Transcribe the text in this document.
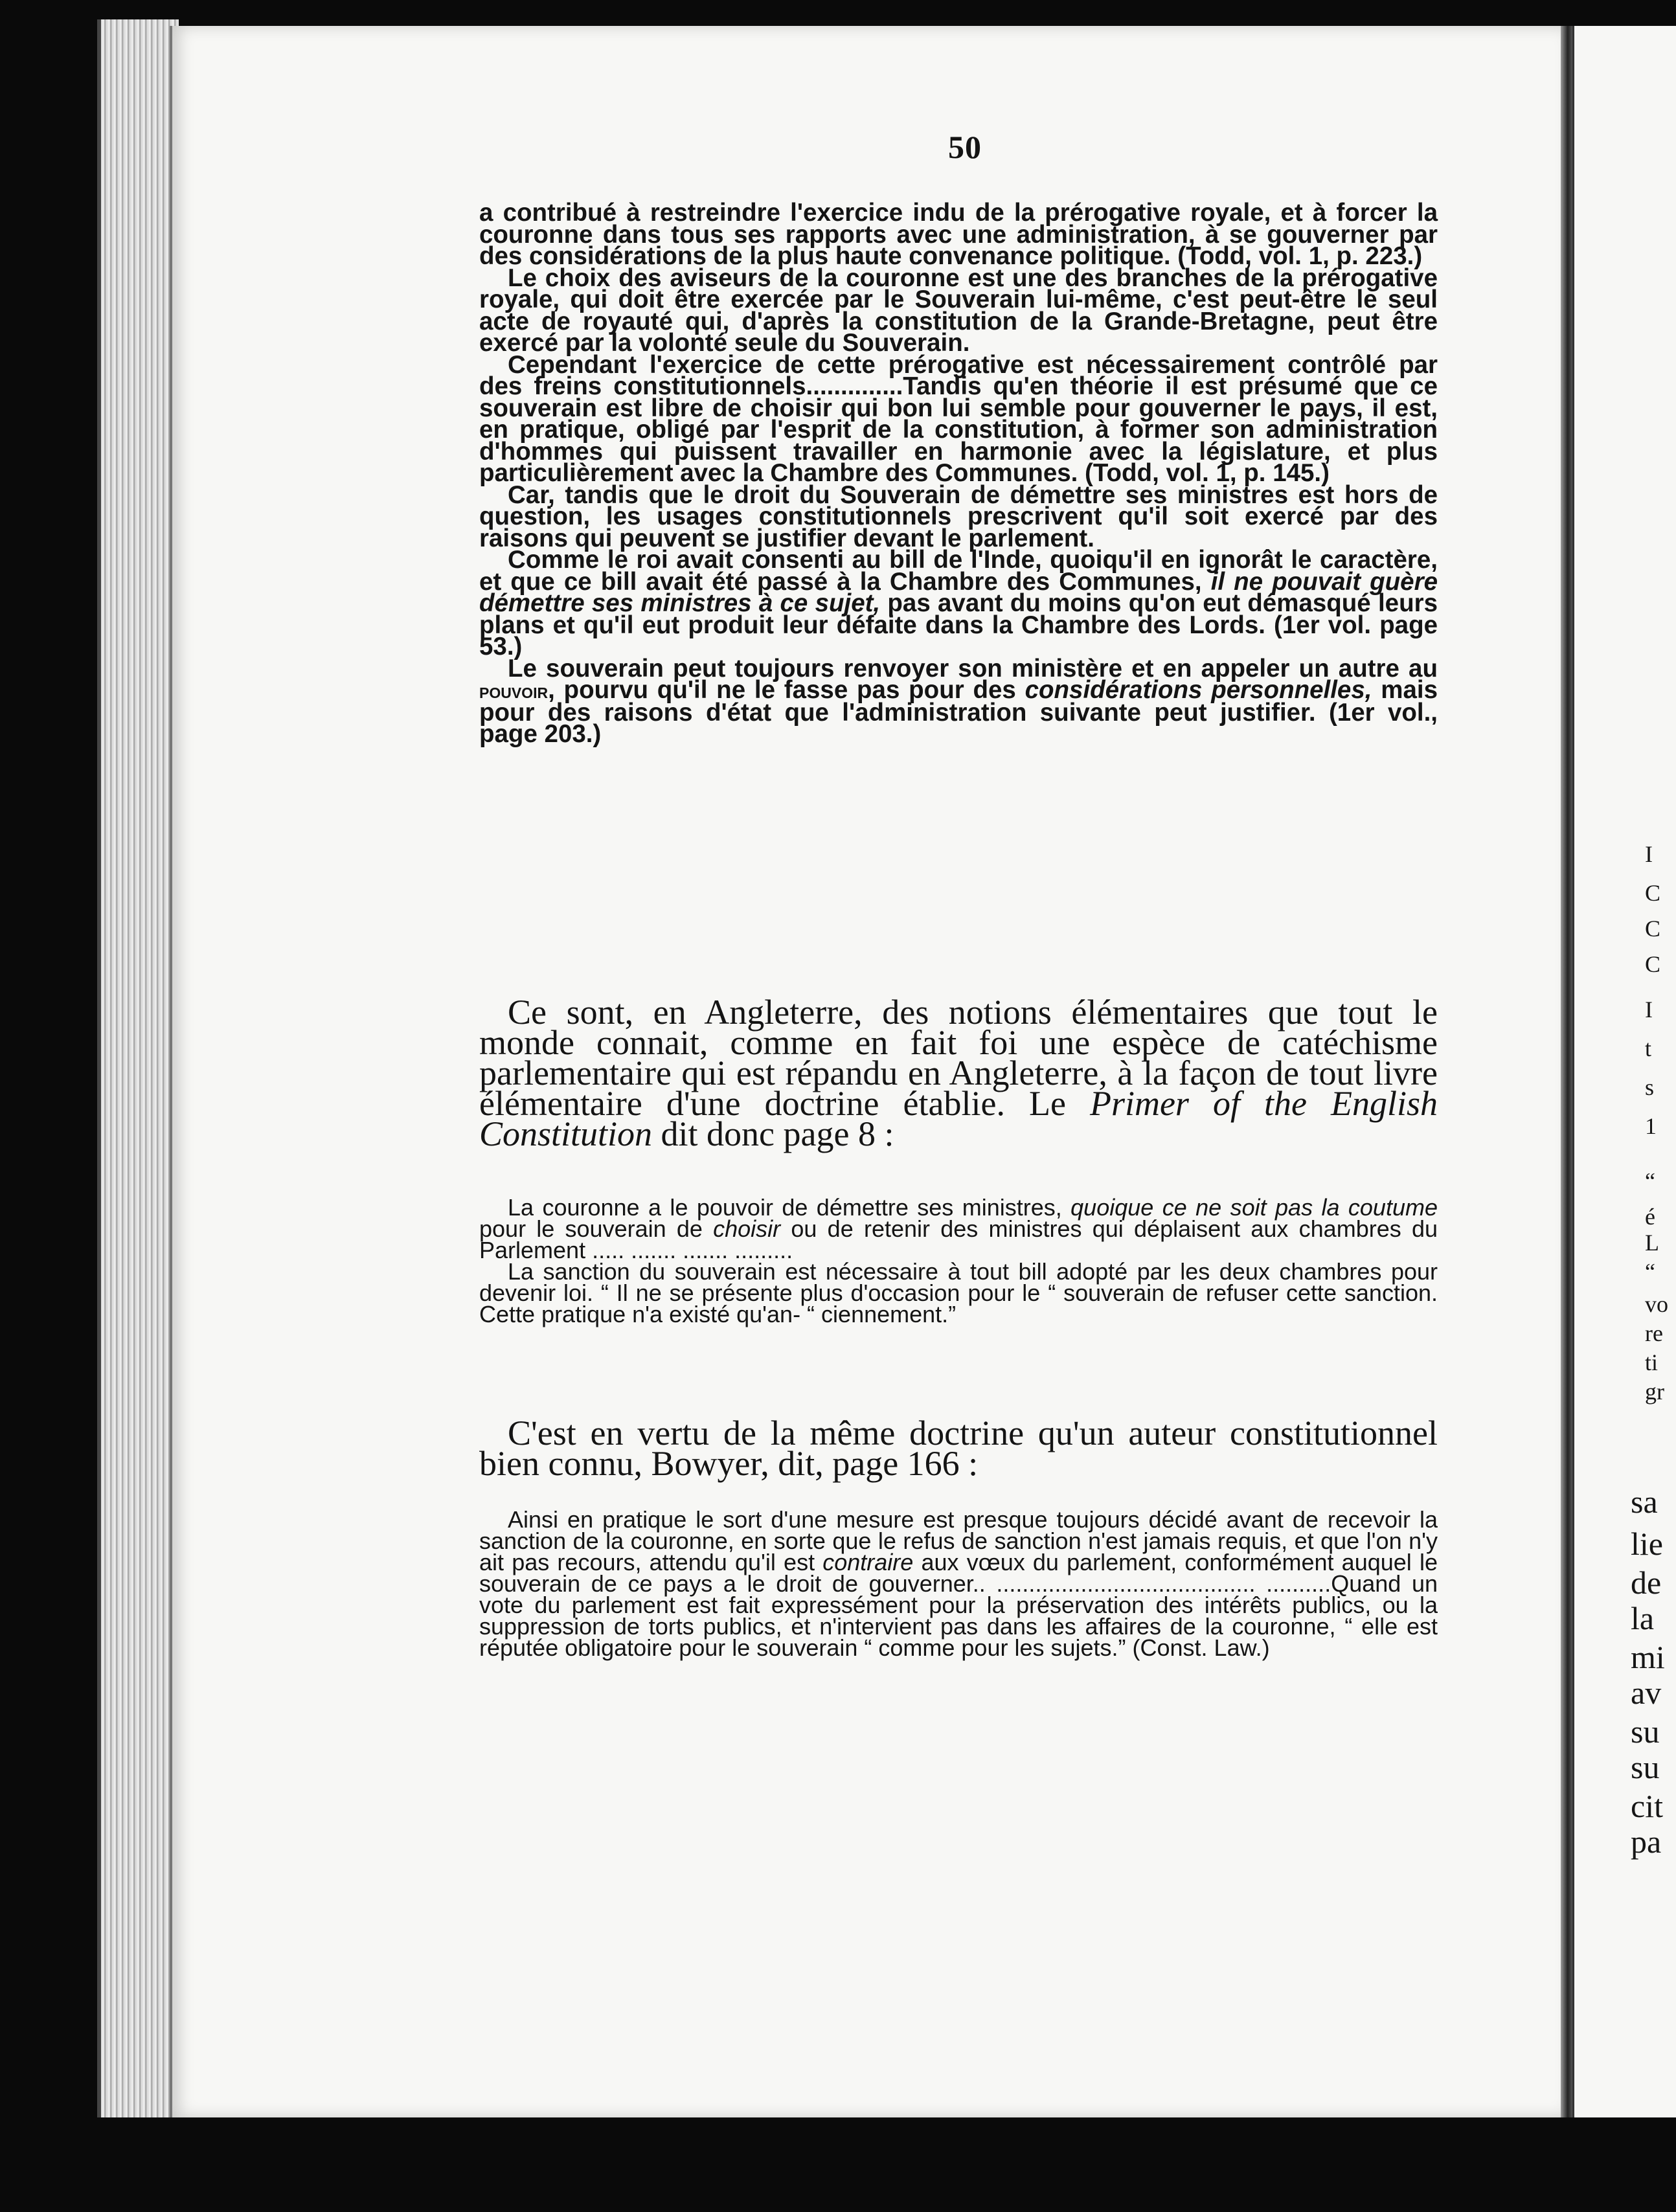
50

a contribué à restreindre l'exercice indu de la prérogative royale, et à forcer la couronne dans tous ses rapports avec une administration, à se gouverner par des considérations de la plus haute convenance politique. (Todd, vol. 1, p. 223.)

Le choix des aviseurs de la couronne est une des branches de la prérogative royale, qui doit être exercée par le Souverain lui-même, c'est peut-être le seul acte de royauté qui, d'après la constitution de la Grande-Bretagne, peut être exercé par la volonté seule du Souverain.

Cependant l'exercice de cette prérogative est nécessairement contrôlé par des freins constitutionnels..............Tandis qu'en théorie il est présumé que ce souverain est libre de choisir qui bon lui semble pour gouverner le pays, il est, en pratique, obligé par l'esprit de la constitution, à former son administration d'hommes qui puissent travailler en harmonie avec la législature, et plus particulièrement avec la Chambre des Communes. (Todd, vol. 1, p. 145.)

Car, tandis que le droit du Souverain de démettre ses ministres est hors de question, les usages constitutionnels prescrivent qu'il soit exercé par des raisons qui peuvent se justifier devant le parlement.

Comme le roi avait consenti au bill de l'Inde, quoiqu'il en ignorât le caractère, et que ce bill avait été passé à la Chambre des Communes, il ne pouvait guère démettre ses ministres à ce sujet, pas avant du moins qu'on eut démasqué leurs plans et qu'il eut produit leur défaite dans la Chambre des Lords. (1er vol. page 53.)

Le souverain peut toujours renvoyer son ministère et en appeler un autre au pouvoir, pourvu qu'il ne le fasse pas pour des considérations personnelles, mais pour des raisons d'état que l'administration suivante peut justifier. (1er vol., page 203.)

Ce sont, en Angleterre, des notions élémentaires que tout le monde connait, comme en fait foi une espèce de catéchisme parlementaire qui est répandu en Angleterre, à la façon de tout livre élémentaire d'une doctrine établie. Le Primer of the English Constitution dit donc page 8 :

La couronne a le pouvoir de démettre ses ministres, quoique ce ne soit pas la coutume pour le souverain de choisir ou de retenir des ministres qui déplaisent aux chambres du Parlement ..... ....... ....... .........

La sanction du souverain est nécessaire à tout bill adopté par les deux chambres pour devenir loi. “ Il ne se présente plus d'occasion pour le “ souverain de refuser cette sanction. Cette pratique n'a existé qu'an- “ ciennement.”

C'est en vertu de la même doctrine qu'un auteur constitutionnel bien connu, Bowyer, dit, page 166 :

Ainsi en pratique le sort d'une mesure est presque toujours décidé avant de recevoir la sanction de la couronne, en sorte que le refus de sanction n'est jamais requis, et que l'on n'y ait pas recours, attendu qu'il est contraire aux vœux du parlement, conformément auquel le souverain de ce pays a le droit de gouverner.. ........................................ ..........Quand un vote du parlement est fait expressément pour la préservation des intérêts publics, ou la suppression de torts publics, et n'intervient pas dans les affaires de la couronne, “ elle est réputée obligatoire pour le souverain “ comme pour les sujets.” (Const. Law.)

I
C
C
C
I
t
s
1
“
é
L
“
vo
re
ti
gr
sa
lie
de
la
mi
av
su
su
cit
pa
